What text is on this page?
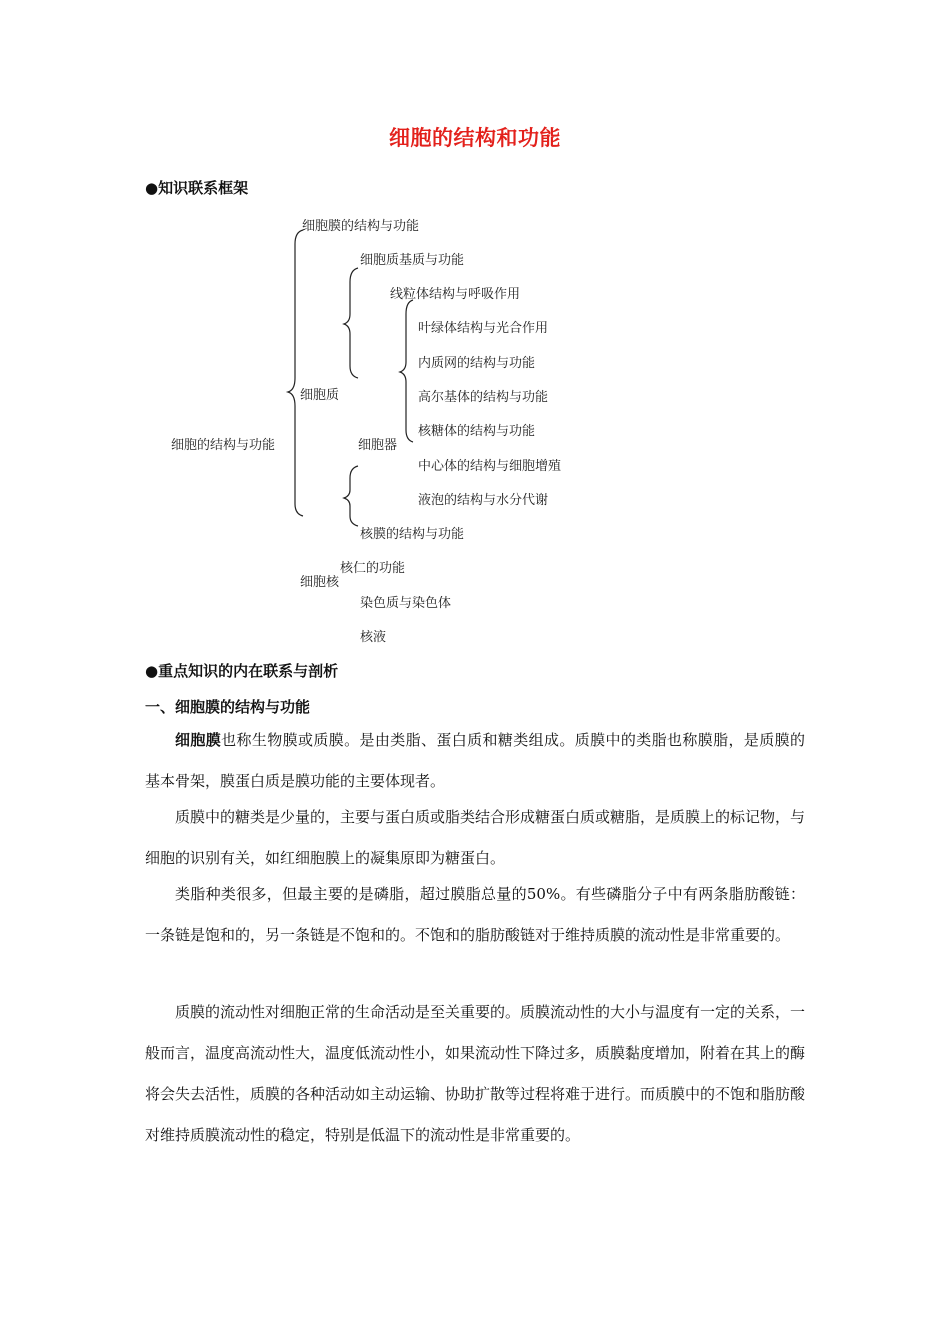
细胞的结构和功能
●知识联系框架
细胞的结构与功能
细胞膜的结构与功能
细胞质
细胞质基质与功能
细胞器
线粒体结构与呼吸作用
叶绿体结构与光合作用
内质网的结构与功能
高尔基体的结构与功能
核糖体的结构与功能
中心体的结构与细胞增殖
液泡的结构与水分代谢
细胞核
核膜的结构与功能
核仁的功能
染色质与染色体
核液
●重点知识的内在联系与剖析
一、细胞膜的结构与功能

细胞膜也称生物膜或质膜。是由类脂、蛋白质和糖类组成。质膜中的类脂也称膜脂，是质膜的基本骨架，膜蛋白质是膜功能的主要体现者。

质膜中的糖类是少量的，主要与蛋白质或脂类结合形成糖蛋白质或糖脂，是质膜上的标记物，与细胞的识别有关，如红细胞膜上的凝集原即为糖蛋白。

类脂种类很多，但最主要的是磷脂，超过膜脂总量的50%。有些磷脂分子中有两条脂肪酸链：一条链是饱和的，另一条链是不饱和的。不饱和的脂肪酸链对于维持质膜的流动性是非常重要的。

质膜的流动性对细胞正常的生命活动是至关重要的。质膜流动性的大小与温度有一定的关系，一般而言，温度高流动性大，温度低流动性小，如果流动性下降过多，质膜黏度增加，附着在其上的酶将会失去活性，质膜的各种活动如主动运输、协助扩散等过程将难于进行。而质膜中的不饱和脂肪酸对维持质膜流动性的稳定，特别是低温下的流动性是非常重要的。
